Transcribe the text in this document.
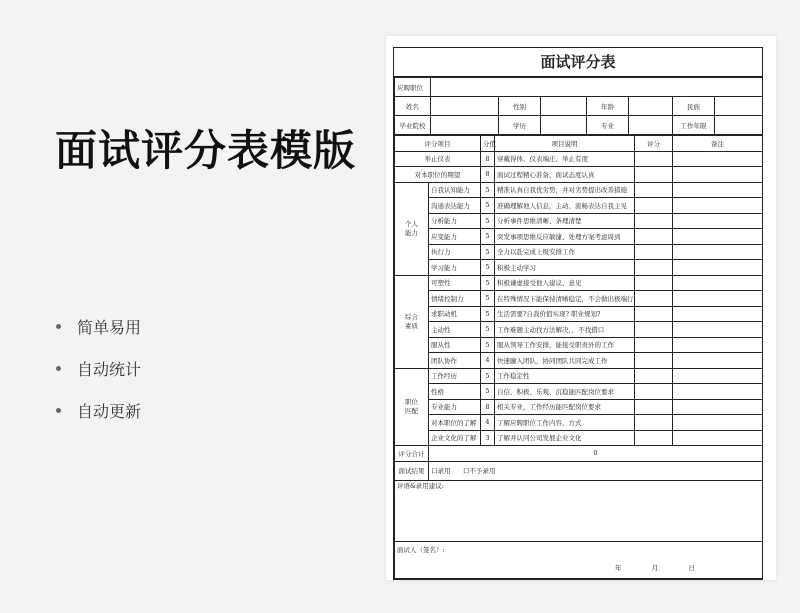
面试评分表模版
简单易用
自动统计
自动更新
面试评分表
应聘职位							
姓名		性别		年龄		民族	
毕业院校		学历		专业		工作年限	
评分项目		分值	项目说明	评分	备注
举止仪表		8	穿戴得体、仪表端庄、举止有度		
对本职位的期望		8	面试过程精心准备，面试态度认真		

个人
能力	自我认知能力	5	精准认真自我优劣势，并对劣势提出改善措施		
	沟通表达能力	5	准确理解他人信息，主动、流畅表达自我主见		
	分析能力	5	分析事件思维清晰、条理清楚		
	应变能力	5	突发事项思维反应敏捷、处理方案考虑周到		
	执行力	5	全力以赴完成上级安排工作		
	学习能力	5	积极主动学习		

综合
素质	可塑性	5	积极谦虚接受他人建议、意见		
	情绪控制力	5	在特殊情况下能保持清晰稳定，不会做出极端行		
	求职动机	5	生活需要?自我价值实现? 职业规划?		
	主动性	5	工作难题主动找方法解决，，不找借口		
	服从性	5	服从领导工作安排，能接受职责外的工作		
	团队协作	4	快速融入团队，协同团队共同完成工作		

职位
匹配	工作经历	5	工作稳定性		
	性格	5	自信、积极、乐观、沉稳能匹配岗位要求		
	专业能力	8	相关专业，工作经历能匹配岗位要求		
	对本职位的了解	4	了解应聘职位工作内容、方式		
	企业文化的了解	3	了解并认同公司发展企业文化		
评分合计	0				
面试结果	口录用 口不予录用				
评语&录用建议:					

面试人（签名）:
年 月 日					
